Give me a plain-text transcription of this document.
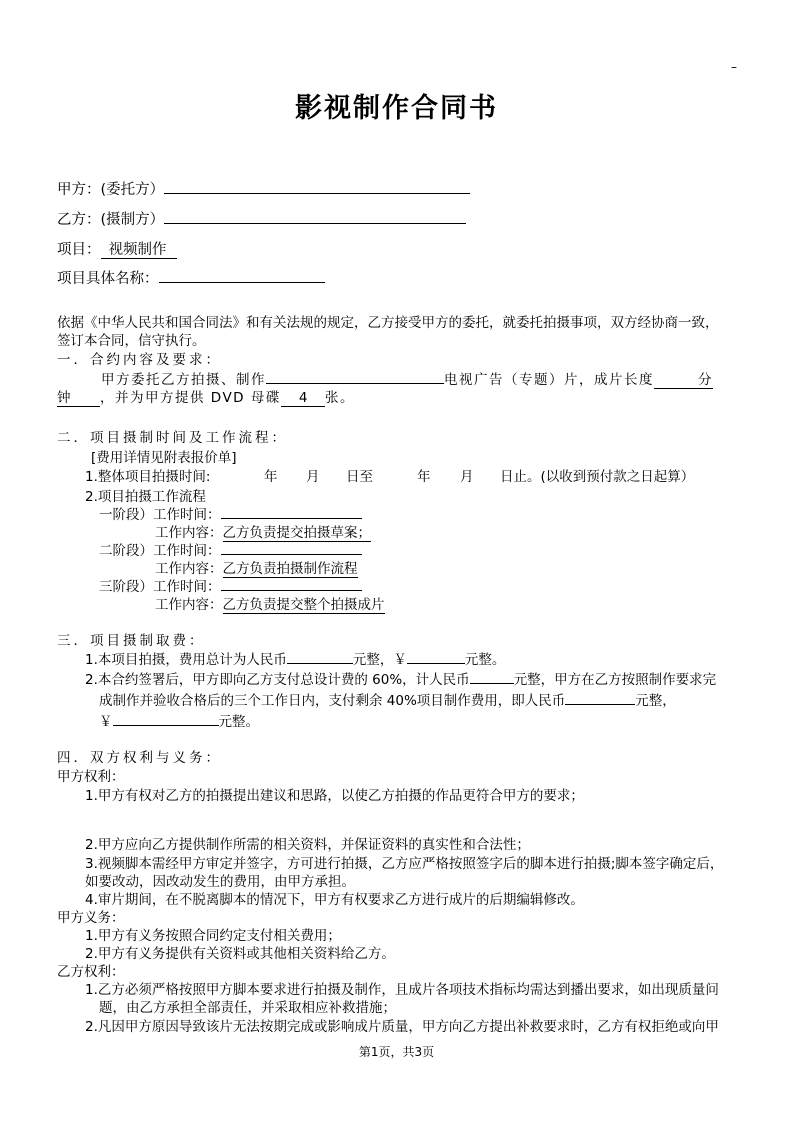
–
影视制作合同书
甲方：(委托方）
乙方：(摄制方）
项目： 视频制作
项目具体名称：
依据《中华人民共和国合同法》和有关法规的规定，乙方接受甲方的委托，就委托拍摄事项，双方经协商一致，
签订本合同，信守执行。
一．合约内容及要求：
甲方委托乙方拍摄、制作	电视广告（专题）片，成片长度	分
钟 ，并为甲方提供 DVD 母碟 4 张。
二．项目摄制时间及工作流程：
[费用详情见附表报价单]
1.整体项目拍摄时间:	年 月 日至	年 月 日止。(以收到预付款之日起算）
2.项目拍摄工作流程
一阶段）工作时间：
工作内容：乙方负责提交拍摄草案；
二阶段）工作时间：
工作内容：乙方负责拍摄制作流程
三阶段）工作时间：
工作内容：乙方负责提交整个拍摄成片
三．项目摄制取费：
1.本项目拍摄，费用总计为人民币	元整，￥	元整。
2.本合约签署后，甲方即向乙方支付总设计费的 60%，计人民币	元整，甲方在乙方按照制作要求完
成制作并验收合格后的三个工作日内，支付剩余 40%项目制作费用，即人民币	元整，
￥	元整。
四．双方权利与义务：
甲方权利：
1.甲方有权对乙方的拍摄提出建议和思路，以使乙方拍摄的作品更符合甲方的要求；
2.甲方应向乙方提供制作所需的相关资料，并保证资料的真实性和合法性；
3.视频脚本需经甲方审定并签字，方可进行拍摄，乙方应严格按照签字后的脚本进行拍摄;脚本签字确定后，
如要改动，因改动发生的费用，由甲方承担。
4.审片期间，在不脱离脚本的情况下，甲方有权要求乙方进行成片的后期编辑修改。
甲方义务：
1.甲方有义务按照合同约定支付相关费用；
2.甲方有义务提供有关资料或其他相关资料给乙方。
乙方权利：
1.乙方必须严格按照甲方脚本要求进行拍摄及制作，且成片各项技术指标均需达到播出要求，如出现质量问
题，由乙方承担全部责任，并采取相应补救措施；
2.凡因甲方原因导致该片无法按期完成或影响成片质量，甲方向乙方提出补救要求时，乙方有权拒绝或向甲
第1页，共3页
